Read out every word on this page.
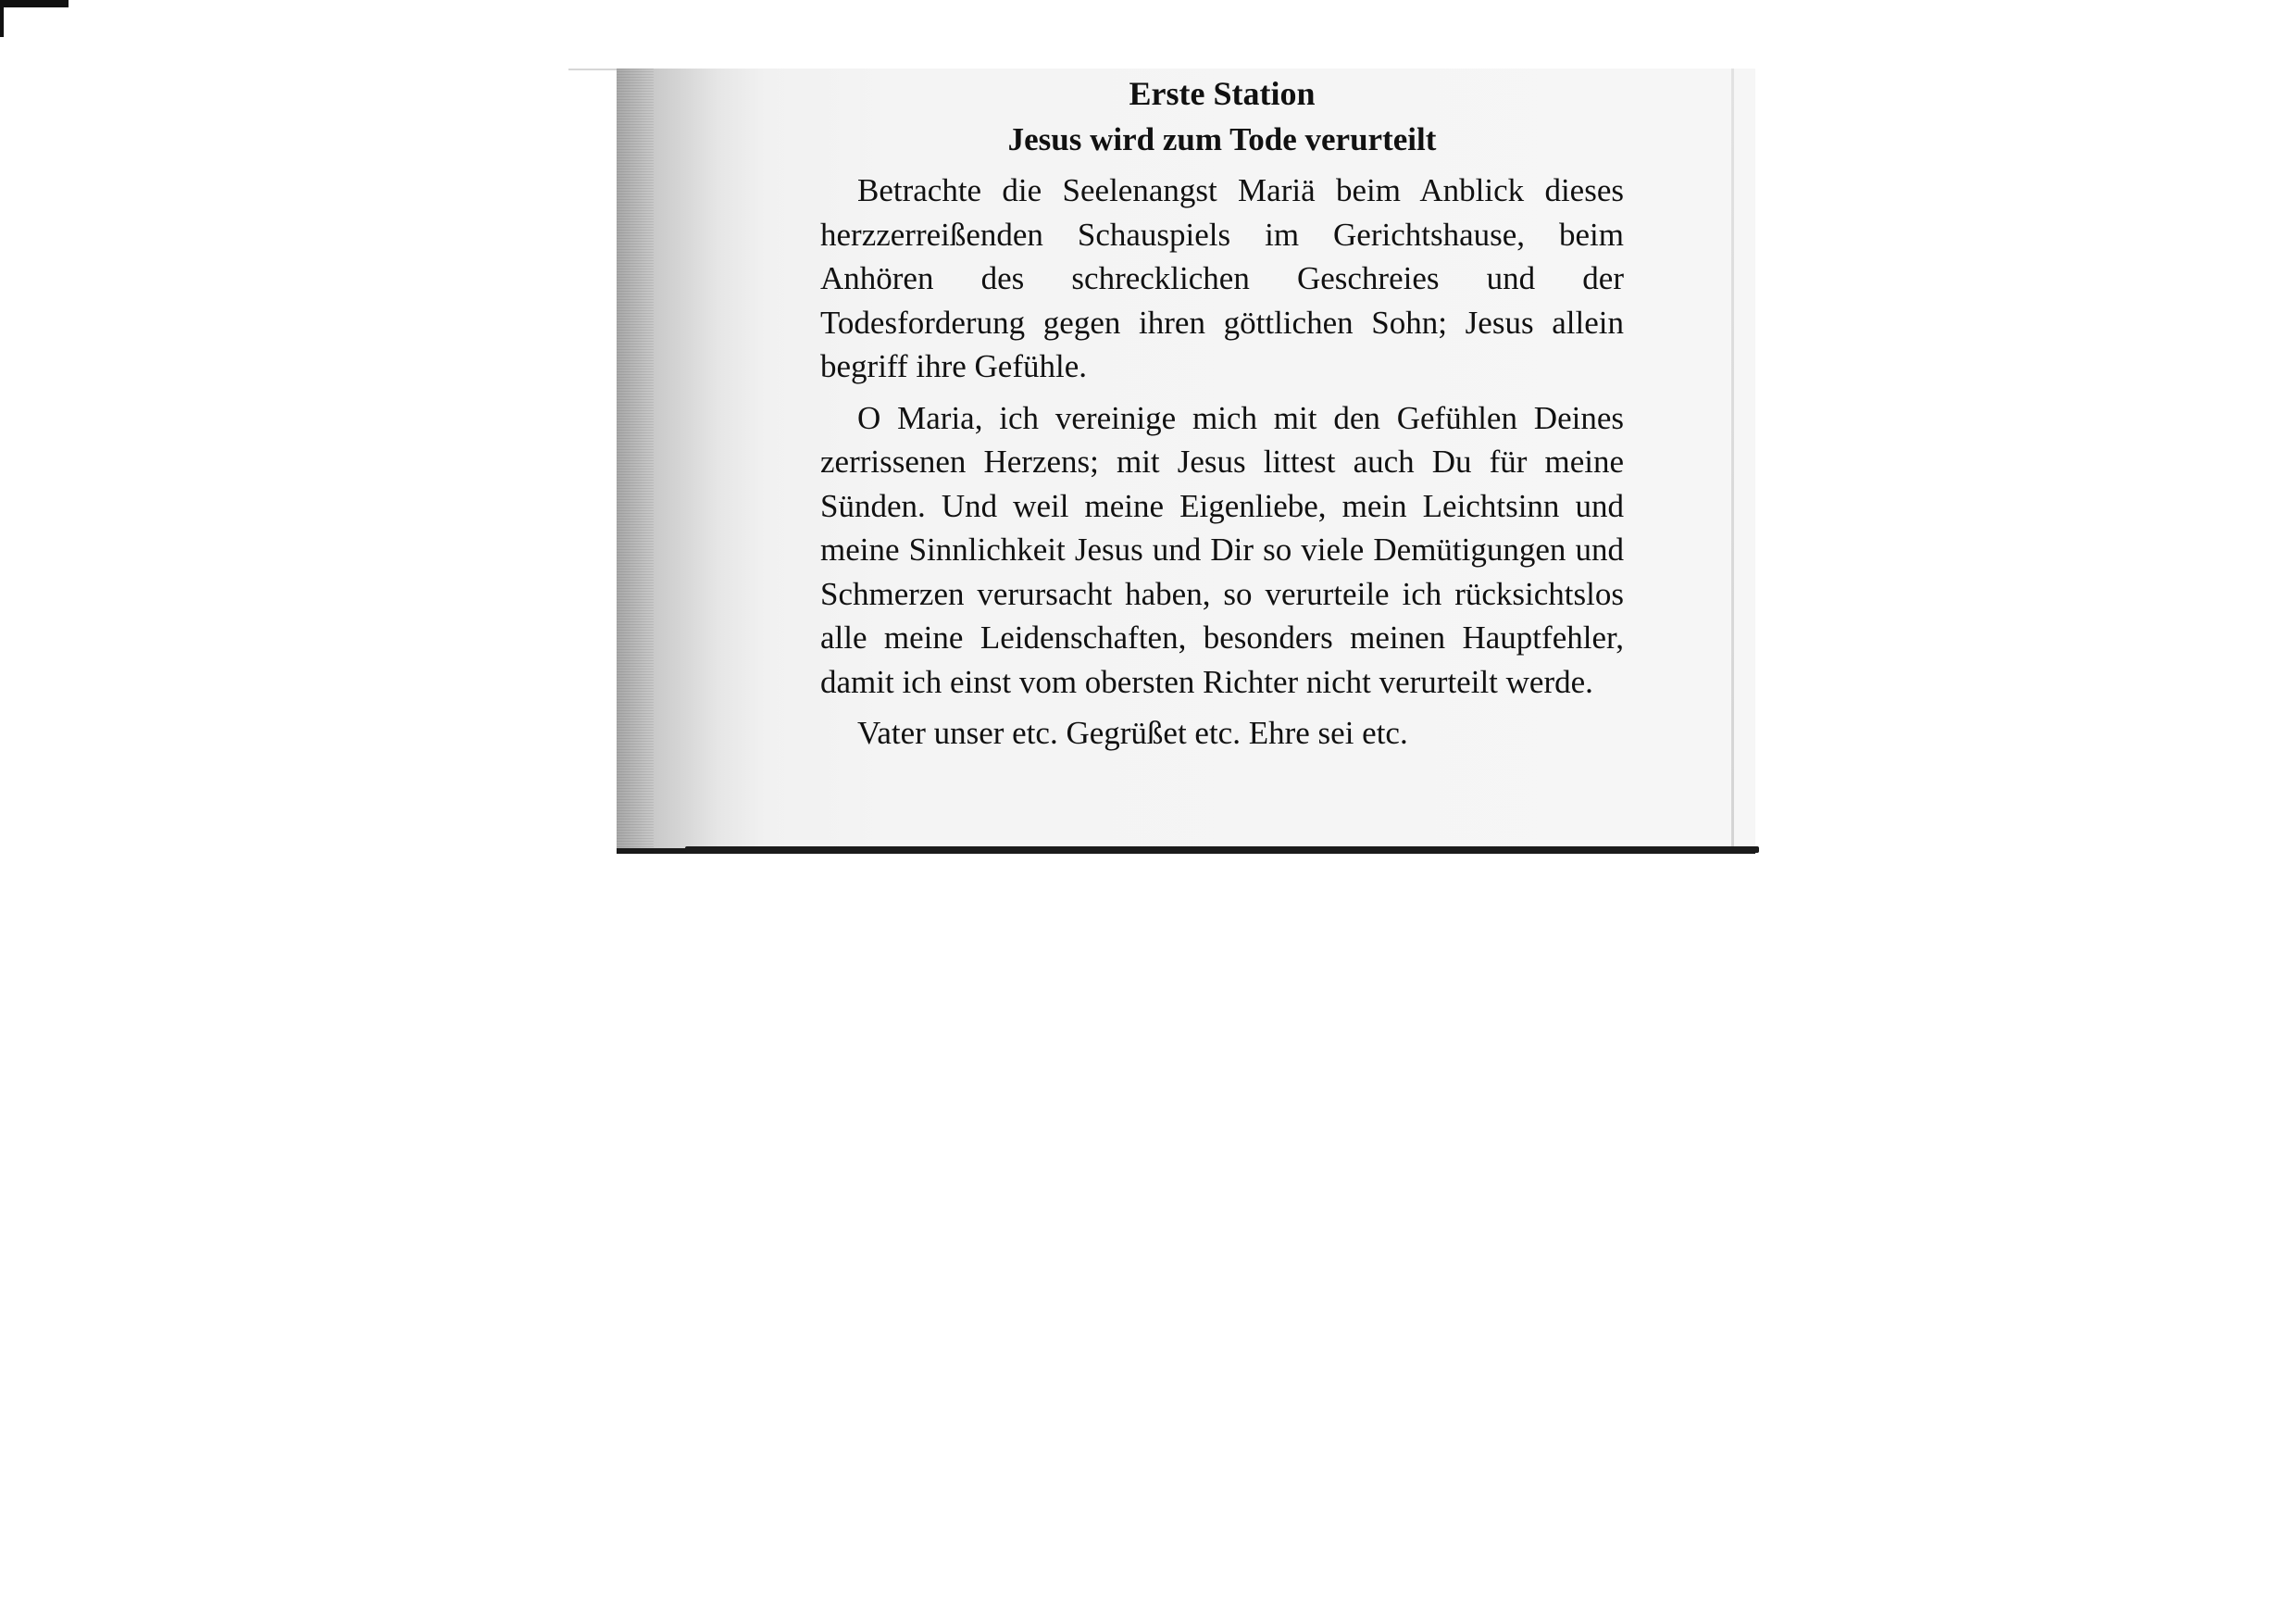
Erste Station
Jesus wird zum Tode verurteilt

Betrachte die Seelenangst Mariä beim Anblick dieses herzzerreißenden Schauspiels im Gerichtshause, beim Anhören des schrecklichen Geschreies und der Todesforderung gegen ihren göttlichen Sohn; Jesus allein begriff ihre Gefühle.

O Maria, ich vereinige mich mit den Gefühlen Deines zerrissenen Herzens; mit Jesus littest auch Du für meine Sünden. Und weil meine Eigenliebe, mein Leichtsinn und meine Sinnlichkeit Jesus und Dir so viele Demütigungen und Schmerzen verursacht haben, so verurteile ich rücksichtslos alle meine Leidenschaften, besonders meinen Hauptfehler, damit ich einst vom obersten Richter nicht verurteilt werde.

Vater unser etc. Gegrüßet etc. Ehre sei etc.
